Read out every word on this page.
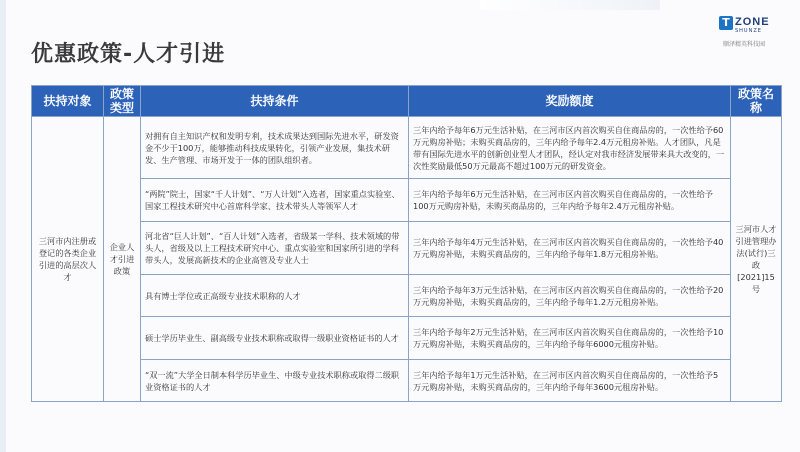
优惠政策-人才引进
T ZONE
SHUNZE
顺泽精英科技园
扶持对象	政策类型	扶持条件	奖励额度	政策名称
三河市内注册或登记的各类企业引进的高层次人才	企业人才引进政策	对拥有自主知识产权和发明专利，技术成果达到国际先进水平，研发资金不少于100万，能够推动科技成果转化，引领产业发展，集技术研发、生产管理、市场开发于一体的团队组织者。	三年内给予每年6万元生活补贴，在三河市区内首次购买自住商品房的，一次性给予60万元购房补贴；未购买商品房的，三年内给予每年2.4万元租房补贴。人才团队，凡是带有国际先进水平的创新创业型人才团队，经认定对我市经济发展带来具大改变的，一次性奖励最低50万元最高不超过100万元的研发资金。	三河市人才引进管理办法(试行)三政[2021]15号
		“两院”院士，国家“千人计划”、“万人计划”入选者，国家重点实验室、国家工程技术研究中心首席科学家、技术带头人等领军人才	三年内给予每年6万元生活补贴，在三河市区内首次购买自住商品房的，一次性给予100万元购房补贴，未购买商品房的，三年内给予每年2.4万元租房补贴。	
		河北省“巨人计划”、“百人计划”入选者，省级某一学科、技术领域的带头人，省级及以上工程技术研究中心、重点实验室和国家所引进的学科带头人，发展高新技术的企业高管及专业人士	三年内给予每年4万元生活补贴，在三河市区内首次购买自住商品房的，一次性给予40万元购房补贴，未购买商品房的，三年内给予每年1.8万元租房补贴。	
		具有博士学位或正高级专业技术职称的人才	三年内给予每年3万元生活补贴，在三河市区内首次购买自住商品房的，一次性给予20万元购房补贴，未购买商品房的，三年内给予每年1.2万元租房补贴。	
		硕士学历毕业生、副高级专业技术职称或取得一级职业资格证书的人才	三年内给予每年2万元生活补贴，在三河市区内首次购买自住商品房的，一次性给予10万元购房补贴，未购买商品房的，三年内给予每年6000元租房补贴。	
		“双一流”大学全日制本科学历毕业生、中级专业技术职称或取得二级职业资格证书的人才	三年内给予每年1万元生活补贴，在三河市区内首次购买自住商品房的，一次性给予5万元购房补贴，未购买商品房的，三年内给予每年3600元租房补贴。	
